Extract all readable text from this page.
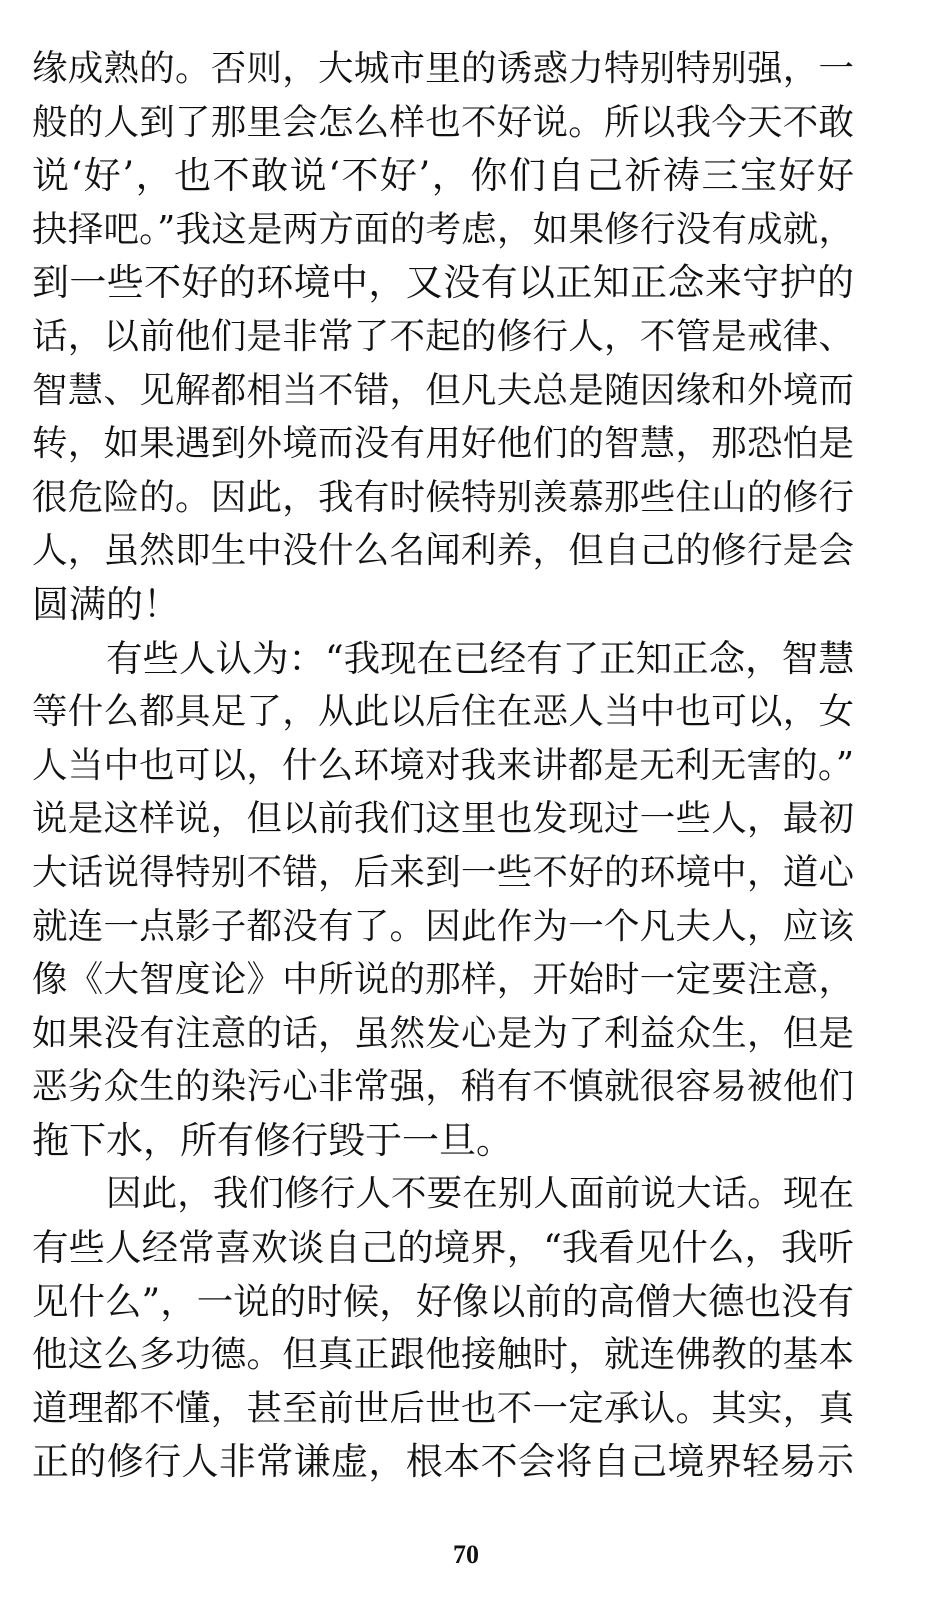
缘成熟的。否则，大城市里的诱惑力特别特别强，一
般的人到了那里会怎么样也不好说。所以我今天不敢
说‘好’，也不敢说‘不好’，你们自己祈祷三宝好好
抉择吧。”我这是两方面的考虑，如果修行没有成就，
到一些不好的环境中，又没有以正知正念来守护的
话，以前他们是非常了不起的修行人，不管是戒律、
智慧、见解都相当不错，但凡夫总是随因缘和外境而
转，如果遇到外境而没有用好他们的智慧，那恐怕是
很危险的。因此，我有时候特别羡慕那些住山的修行
人，虽然即生中没什么名闻利养，但自己的修行是会
圆满的！
有些人认为：“我现在已经有了正知正念，智慧
等什么都具足了，从此以后住在恶人当中也可以，女
人当中也可以，什么环境对我来讲都是无利无害的。”
说是这样说，但以前我们这里也发现过一些人，最初
大话说得特别不错，后来到一些不好的环境中，道心
就连一点影子都没有了。因此作为一个凡夫人，应该
像《大智度论》中所说的那样，开始时一定要注意，
如果没有注意的话，虽然发心是为了利益众生，但是
恶劣众生的染污心非常强，稍有不慎就很容易被他们
拖下水，所有修行毁于一旦。
因此，我们修行人不要在别人面前说大话。现在
有些人经常喜欢谈自己的境界，“我看见什么，我听
见什么”，一说的时候，好像以前的高僧大德也没有
他这么多功德。但真正跟他接触时，就连佛教的基本
道理都不懂，甚至前世后世也不一定承认。其实，真
正的修行人非常谦虚，根本不会将自己境界轻易示
70
